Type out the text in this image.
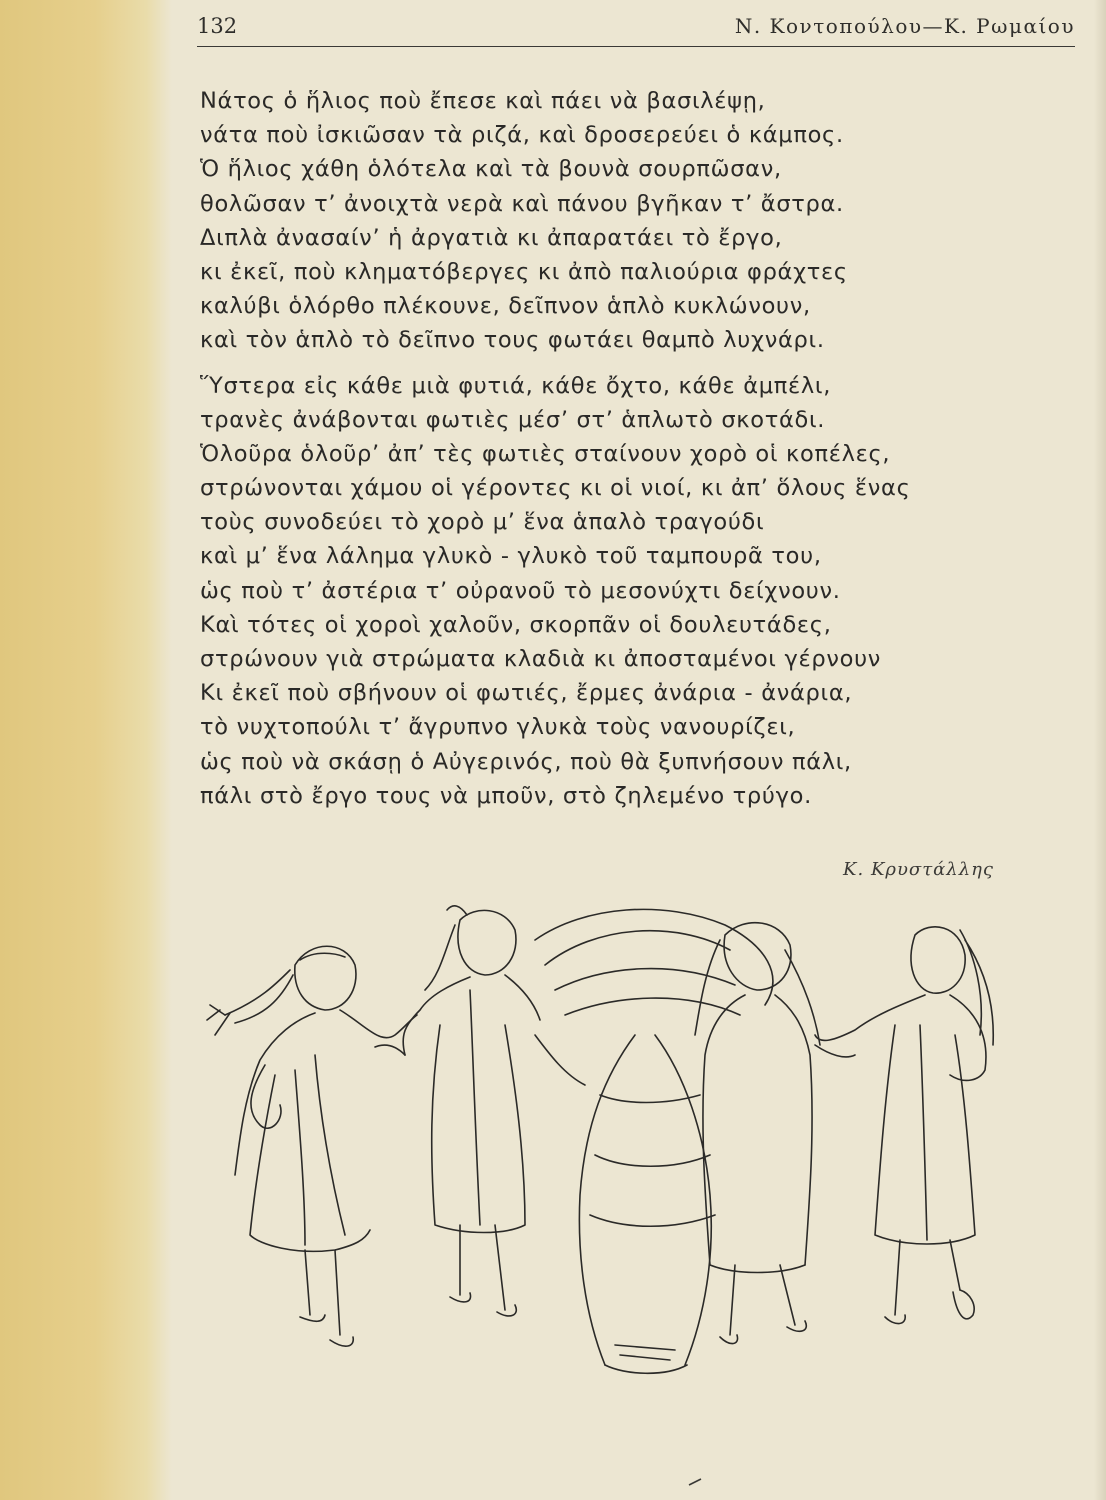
132	Ν. Κοντοπούλου—Κ. Ρωμαίου
Νάτος ὁ ἥλιος ποὺ ἔπεσε καὶ πάει νὰ βασιλέψῃ,
νάτα ποὺ ἰσκιῶσαν τὰ ριζά, καὶ δροσερεύει ὁ κάμπος.
Ὁ ἥλιος χάθη ὁλότελα καὶ τὰ βουνὰ σουρπῶσαν,
θολῶσαν τ’ ἀνοιχτὰ νερὰ καὶ πάνου βγῆκαν τ’ ἄστρα.
Διπλὰ ἀνασαίν’ ἡ ἀργατιὰ κι ἀπαρατάει τὸ ἔργο,
κι ἐκεῖ, ποὺ κληματόβεργες κι ἀπὸ παλιούρια φράχτες
καλύβι ὁλόρθο πλέκουνε, δεῖπνον ἁπλὸ κυκλώνουν,
καὶ τὸν ἁπλὸ τὸ δεῖπνο τους φωτάει θαμπὸ λυχνάρι.
Ὕστερα εἰς κάθε μιὰ φυτιά, κάθε ὄχτο, κάθε ἀμπέλι,
τρανὲς ἀνάβονται φωτιὲς μέσ’ στ’ ἁπλωτὸ σκοτάδι.
Ὁλοῦρα ὁλοῦρ’ ἀπ’ τὲς φωτιὲς σταίνουν χορὸ οἱ κοπέλες,
στρώνονται χάμου οἱ γέροντες κι οἱ νιοί, κι ἀπ’ ὅλους ἕνας
τοὺς συνοδεύει τὸ χορὸ μ’ ἕνα ἁπαλὸ τραγούδι
καὶ μ’ ἕνα λάλημα γλυκὸ - γλυκὸ τοῦ ταμπουρᾶ του,
ὡς ποὺ τ’ ἀστέρια τ’ οὐρανοῦ τὸ μεσονύχτι δείχνουν.
Καὶ τότες οἱ χοροὶ χαλοῦν, σκορπᾶν οἱ δουλευτάδες,
στρώνουν γιὰ στρώματα κλαδιὰ κι ἀποσταμένοι γέρνουν
Κι ἐκεῖ ποὺ σβήνουν οἱ φωτιές, ἔρμες ἀνάρια - ἀνάρια,
τὸ νυχτοπούλι τ’ ἄγρυπνο γλυκὰ τοὺς νανουρίζει,
ὡς ποὺ νὰ σκάσῃ ὁ Αὐγερινός, ποὺ θὰ ξυπνήσουν πάλι,
πάλι στὸ ἔργο τους νὰ μποῦν, στὸ ζηλεμένο τρύγο.
Κ. Κρυστάλλης
